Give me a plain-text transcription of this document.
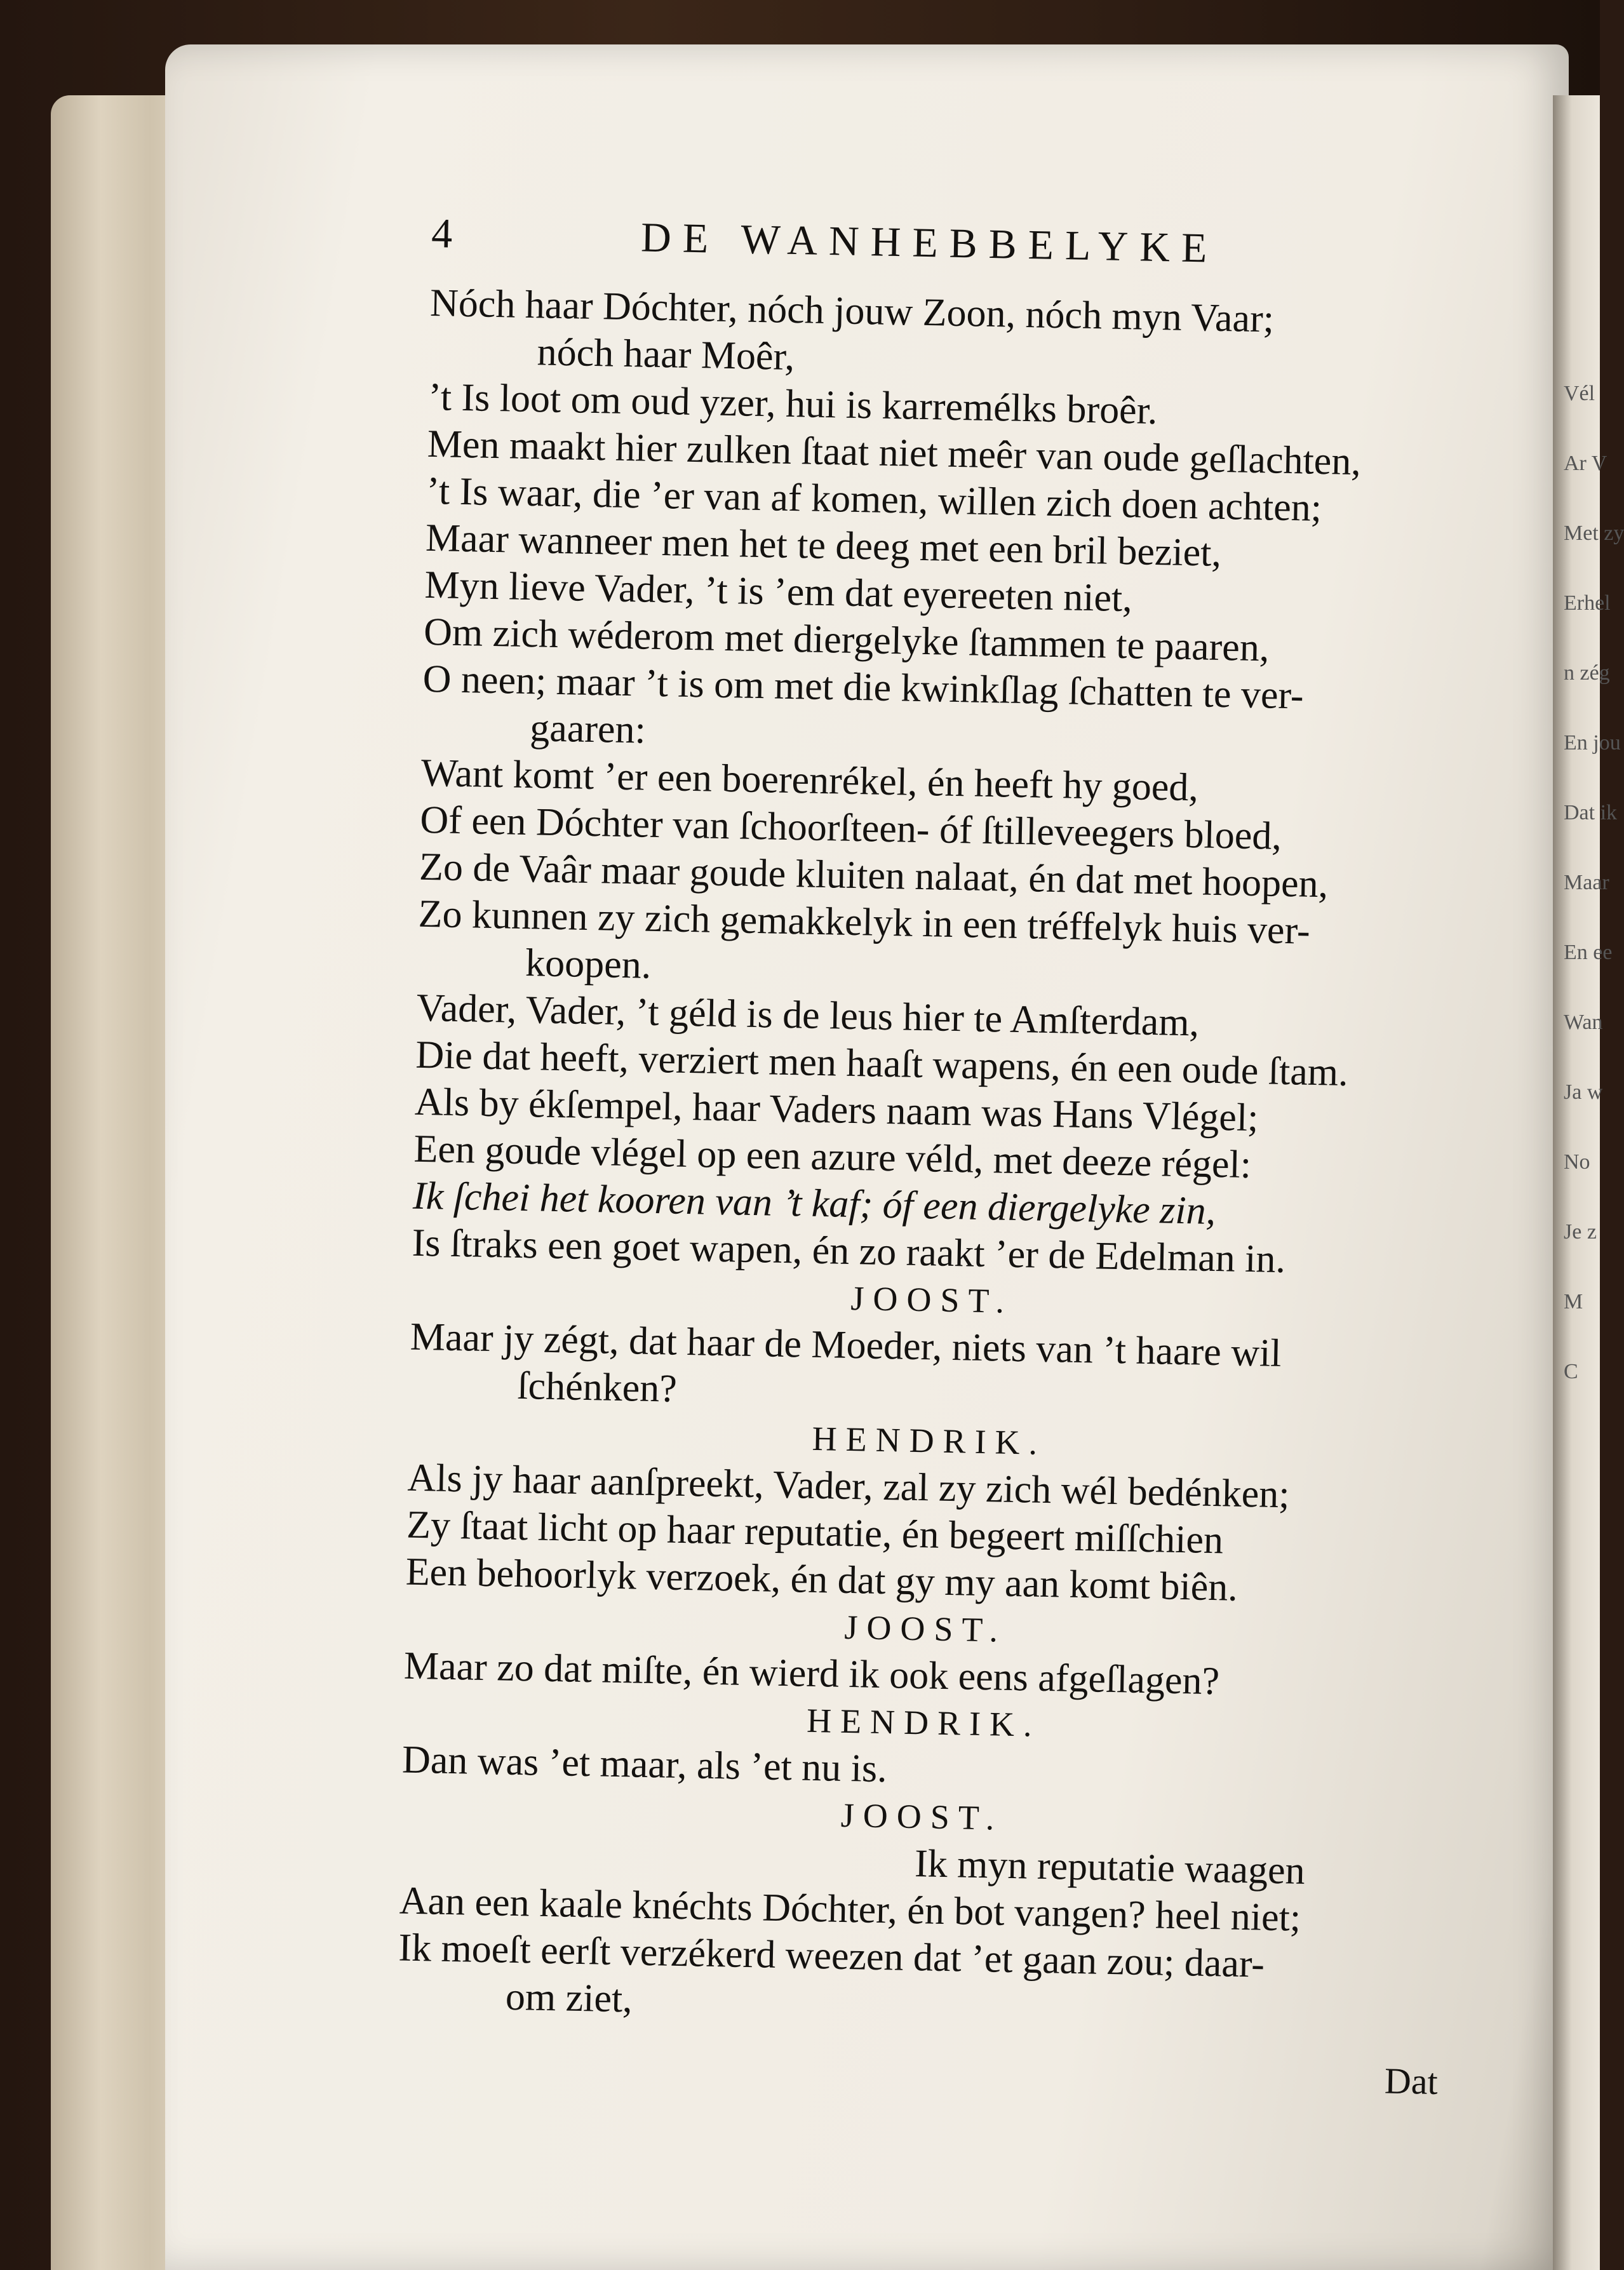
Vél
Ar V
Met zy
Erhel
n zég
En jou
Dat ik
Maar
En ee
Wan
Ja w
No
Je z
M
C
4	DE WANHEBBELYKE
Nóch haar Dóchter, nóch jouw Zoon, nóch myn Vaar;
nóch haar Moêr,
’t Is loot om oud yzer, hui is karremélks broêr.
Men maakt hier zulken ſtaat niet meêr van oude geſlachten,
’t Is waar, die ’er van af komen, willen zich doen achten;
Maar wanneer men het te deeg met een bril beziet,
Myn lieve Vader, ’t is ’em dat eyereeten niet,
Om zich wéderom met diergelyke ſtammen te paaren,
O neen; maar ’t is om met die kwinkſlag ſchatten te ver-
gaaren:
Want komt ’er een boerenrékel, én heeft hy goed,
Of een Dóchter van ſchoorſteen- óf ſtilleveegers bloed,
Zo de Vaâr maar goude kluiten nalaat, én dat met hoopen,
Zo kunnen zy zich gemakkelyk in een tréffelyk huis ver-
koopen.
Vader, Vader, ’t géld is de leus hier te Amſterdam,
Die dat heeft, verziert men haaſt wapens, én een oude ſtam.
Als by ékſempel, haar Vaders naam was Hans Vlégel;
Een goude vlégel op een azure véld, met deeze régel:
Ik ſchei het kooren van ’t kaf; óf een diergelyke zin,
Is ſtraks een goet wapen, én zo raakt ’er de Edelman in.
JOOST.
Maar jy zégt, dat haar de Moeder, niets van ’t haare wil
ſchénken?
HENDRIK.
Als jy haar aanſpreekt, Vader, zal zy zich wél bedénken;
Zy ſtaat licht op haar reputatie, én begeert miſſchien
Een behoorlyk verzoek, én dat gy my aan komt biên.
JOOST.
Maar zo dat miſte, én wierd ik ook eens afgeſlagen?
HENDRIK.
Dan was ’et maar, als ’et nu is.
JOOST.
Ik myn reputatie waagen
Aan een kaale knéchts Dóchter, én bot vangen? heel niet;
Ik moeſt eerſt verzékerd weezen dat ’et gaan zou; daar-
om ziet,
Dat
